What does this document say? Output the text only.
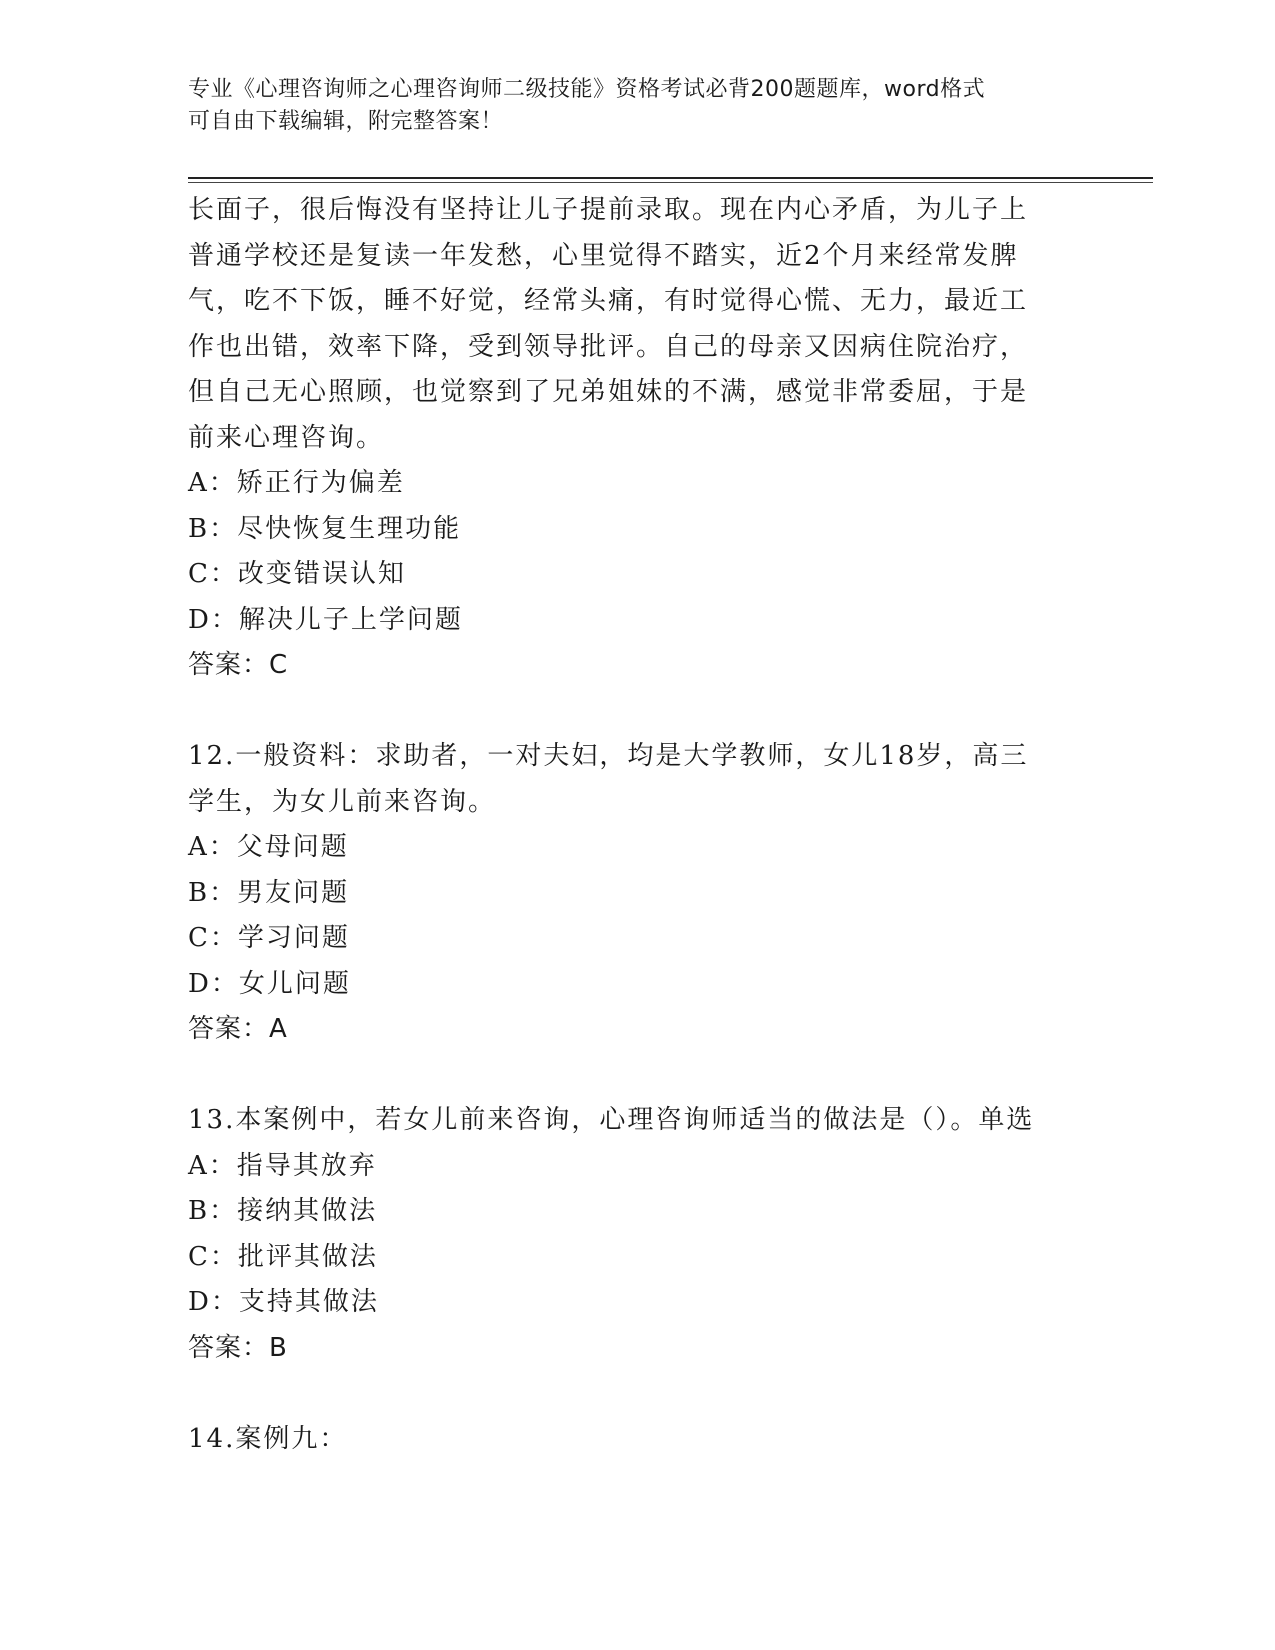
专业《心理咨询师之心理咨询师二级技能》资格考试必背200题题库，word格式
可自由下载编辑，附完整答案！
长面子，很后悔没有坚持让儿子提前录取。现在内心矛盾，为儿子上
普通学校还是复读一年发愁，心里觉得不踏实，近2个月来经常发脾
气，吃不下饭，睡不好觉，经常头痛，有时觉得心慌、无力，最近工
作也出错，效率下降，受到领导批评。自己的母亲又因病住院治疗，
但自己无心照顾，也觉察到了兄弟姐妹的不满，感觉非常委屈，于是
前来心理咨询。
A：矫正行为偏差
B：尽快恢复生理功能
C：改变错误认知
D：解决儿子上学问题
答案：C
12.一般资料：求助者，一对夫妇，均是大学教师，女儿18岁，高三
学生，为女儿前来咨询。
A：父母问题
B：男友问题
C：学习问题
D：女儿问题
答案：A
13.本案例中，若女儿前来咨询，心理咨询师适当的做法是（）。单选
A：指导其放弃
B：接纳其做法
C：批评其做法
D：支持其做法
答案：B
14.案例九：
